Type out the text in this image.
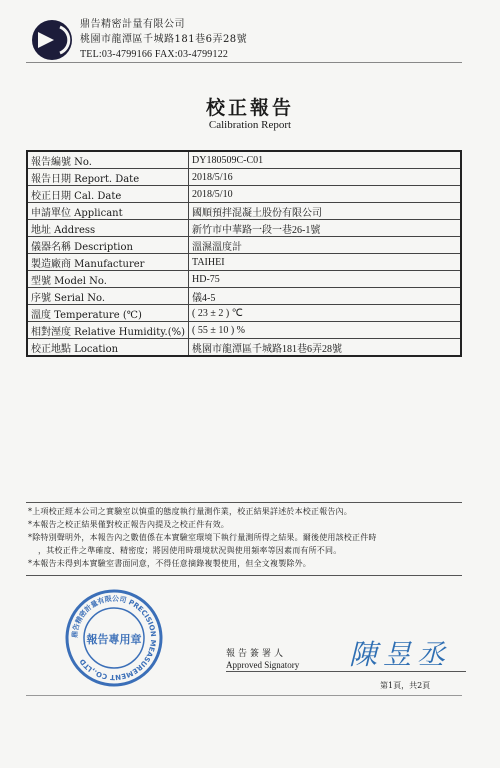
鼎告精密計量有限公司
桃園市龍潭區千城路181巷6弄28號
TEL:03-4799166 FAX:03-4799122
校正報告
Calibration Report
報告編號 No.	DY180509C-C01
報告日期 Report. Date	2018/5/16
校正日期 Cal. Date	2018/5/10
申請單位 Applicant	國順預拌混凝土股份有限公司
地址 Address	新竹市中華路一段一巷26-1號
儀器名稱 Description	溫濕溫度計
製造廠商 Manufacturer	TAIHEI
型號 Model No.	HD-75
序號 Serial No.	儀4-5
溫度 Temperature (℃)	( 23 ± 2 ) ℃
相對溼度 Relative Humidity.(%)	( 55 ± 10 ) %
校正地點 Location	桃園市龍潭區千城路181巷6弄28號
*上項校正經本公司之實驗室以慎重的態度執行量測作業，校正結果詳述於本校正報告內。
*本報告之校正結果僅對校正報告內提及之校正件有效。
*除特別聲明外，本報告內之數值係在本實驗室環境下執行量測所得之結果。爾後使用該校正件時
，其校正件之準確度、精密度；將因使用時環境狀況與使用頻率等因素而有所不同。
*本報告未得到本實驗室書面同意，不得任意摘錄複製使用，但全文複製除外。
鼎告精密計量有限公司 PRECISION MEASUREMENT CO.,LTD
報告專用章
報告簽署人
Approved Signatory 陳昱丞
第1頁，共2頁
